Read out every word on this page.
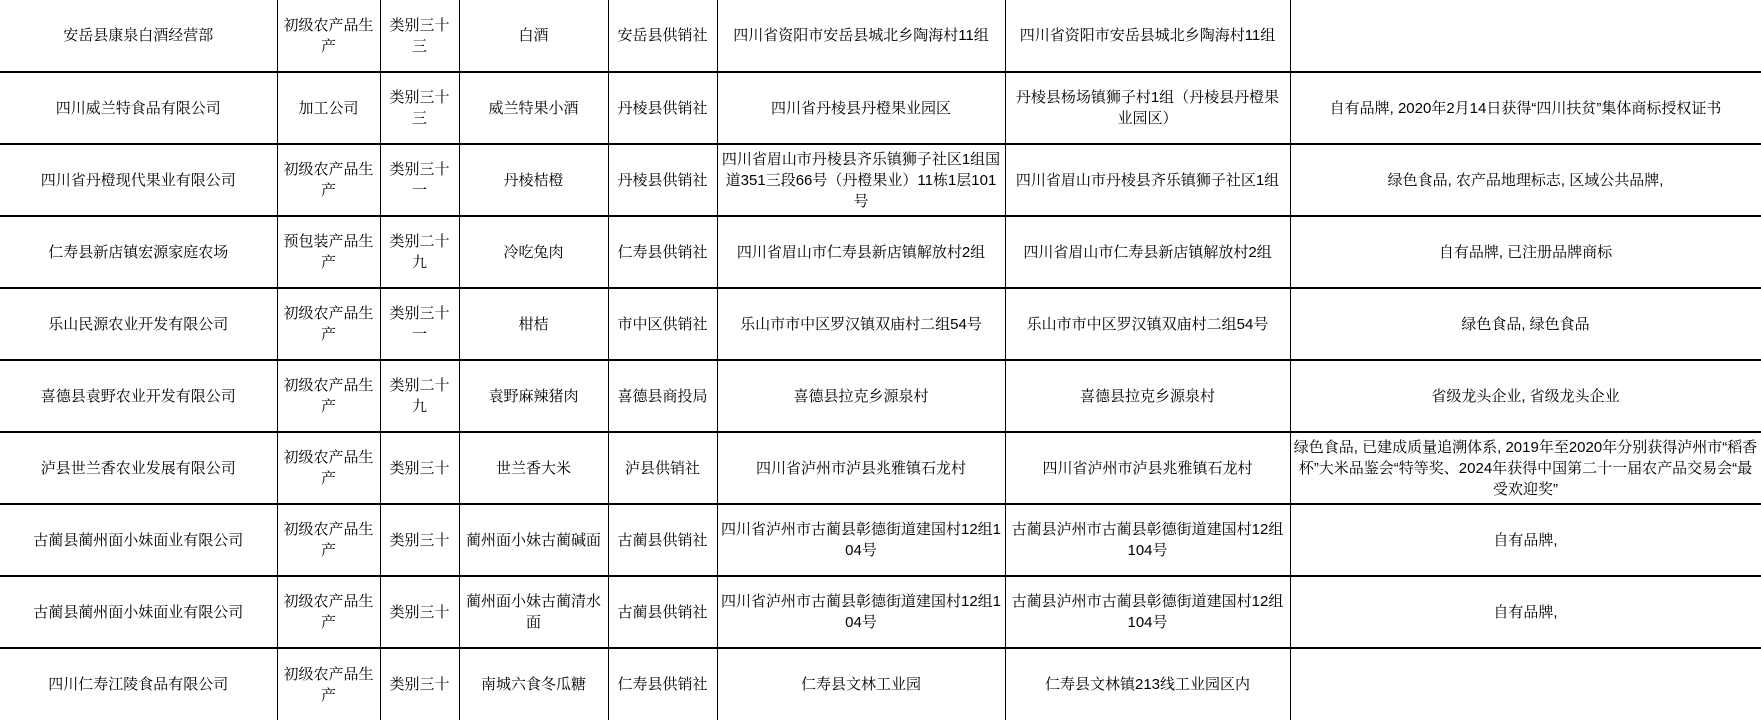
安岳县康泉白酒经营部	初级农产品生产	类别三十三	白酒	安岳县供销社	四川省资阳市安岳县城北乡陶海村11组	四川省资阳市安岳县城北乡陶海村11组	
四川威兰特食品有限公司	加工公司	类别三十三	威兰特果小酒	丹棱县供销社	四川省丹棱县丹橙果业园区	丹棱县杨场镇狮子村1组（丹棱县丹橙果业园区）	自有品牌, 2020年2月14日获得“四川扶贫”集体商标授权证书
四川省丹橙现代果业有限公司	初级农产品生产	类别三十一	丹棱桔橙	丹棱县供销社	四川省眉山市丹棱县齐乐镇狮子社区1组国道351三段66号（丹橙果业）11栋1层101号	四川省眉山市丹棱县齐乐镇狮子社区1组	绿色食品, 农产品地理标志, 区域公共品牌,
仁寿县新店镇宏源家庭农场	预包装产品生产	类别二十九	冷吃兔肉	仁寿县供销社	四川省眉山市仁寿县新店镇解放村2组	四川省眉山市仁寿县新店镇解放村2组	自有品牌, 已注册品牌商标
乐山民源农业开发有限公司	初级农产品生产	类别三十一	柑桔	市中区供销社	乐山市市中区罗汉镇双庙村二组54号	乐山市市中区罗汉镇双庙村二组54号	绿色食品, 绿色食品
喜德县袁野农业开发有限公司	初级农产品生产	类别二十九	袁野麻辣猪肉	喜德县商投局	喜德县拉克乡源泉村	喜德县拉克乡源泉村	省级龙头企业, 省级龙头企业
泸县世兰香农业发展有限公司	初级农产品生产	类别三十	世兰香大米	泸县供销社	四川省泸州市泸县兆雅镇石龙村	四川省泸州市泸县兆雅镇石龙村	绿色食品, 已建成质量追溯体系, 2019年至2020年分别获得泸州市“稻香杯”大米品鉴会“特等奖、2024年获得中国第二十一届农产品交易会“最受欢迎奖”
古蔺县蔺州面小妹面业有限公司	初级农产品生产	类别三十	蔺州面小妹古蔺碱面	古蔺县供销社	四川省泸州市古蔺县彰德街道建国村12组104号	古蔺县泸州市古蔺县彰德街道建国村12组104号	自有品牌,
古蔺县蔺州面小妹面业有限公司	初级农产品生产	类别三十	蔺州面小妹古蔺清水面	古蔺县供销社	四川省泸州市古蔺县彰德街道建国村12组104号	古蔺县泸州市古蔺县彰德街道建国村12组104号	自有品牌,
四川仁寿江陵食品有限公司	初级农产品生产	类别三十	南城六食冬瓜糖	仁寿县供销社	仁寿县文林工业园	仁寿县文林镇213线工业园区内	
